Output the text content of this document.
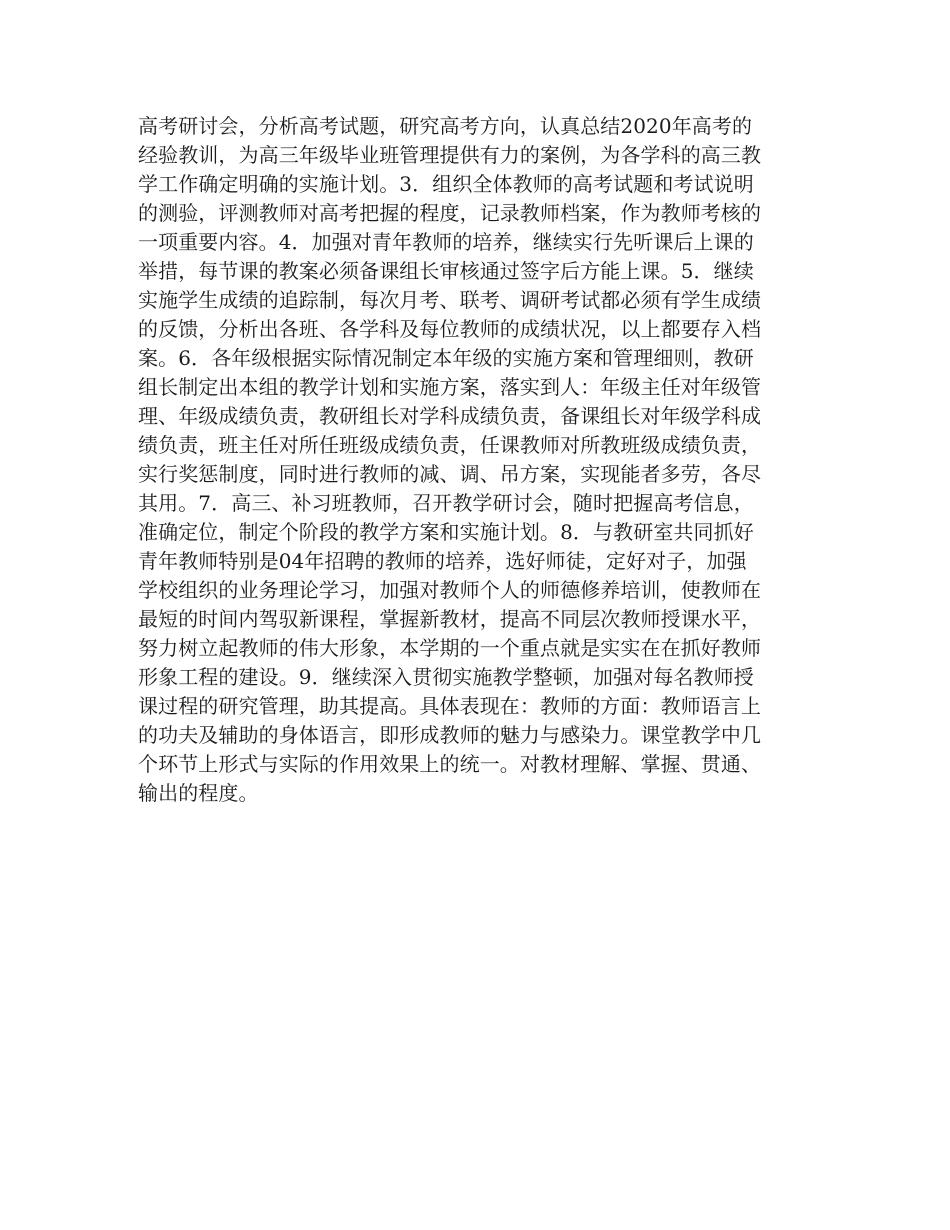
高考研讨会，分析高考试题，研究高考方向，认真总结2020年高考的
经验教训，为高三年级毕业班管理提供有力的案例，为各学科的高三教
学工作确定明确的实施计划。3．组织全体教师的高考试题和考试说明
的测验，评测教师对高考把握的程度，记录教师档案，作为教师考核的
一项重要内容。4．加强对青年教师的培养，继续实行先听课后上课的
举措，每节课的教案必须备课组长审核通过签字后方能上课。5．继续
实施学生成绩的追踪制，每次月考、联考、调研考试都必须有学生成绩
的反馈，分析出各班、各学科及每位教师的成绩状况，以上都要存入档
案。6．各年级根据实际情况制定本年级的实施方案和管理细则，教研
组长制定出本组的教学计划和实施方案，落实到人：年级主任对年级管
理、年级成绩负责，教研组长对学科成绩负责，备课组长对年级学科成
绩负责，班主任对所任班级成绩负责，任课教师对所教班级成绩负责，
实行奖惩制度，同时进行教师的减、调、吊方案，实现能者多劳，各尽
其用。7．高三、补习班教师，召开教学研讨会，随时把握高考信息，
准确定位，制定个阶段的教学方案和实施计划。8．与教研室共同抓好
青年教师特别是04年招聘的教师的培养，选好师徒，定好对子，加强
学校组织的业务理论学习，加强对教师个人的师德修养培训，使教师在
最短的时间内驾驭新课程，掌握新教材，提高不同层次教师授课水平，
努力树立起教师的伟大形象，本学期的一个重点就是实实在在抓好教师
形象工程的建设。9．继续深入贯彻实施教学整顿，加强对每名教师授
课过程的研究管理，助其提高。具体表现在：教师的方面：教师语言上
的功夫及辅助的身体语言，即形成教师的魅力与感染力。课堂教学中几
个环节上形式与实际的作用效果上的统一。对教材理解、掌握、贯通、
输出的程度。
